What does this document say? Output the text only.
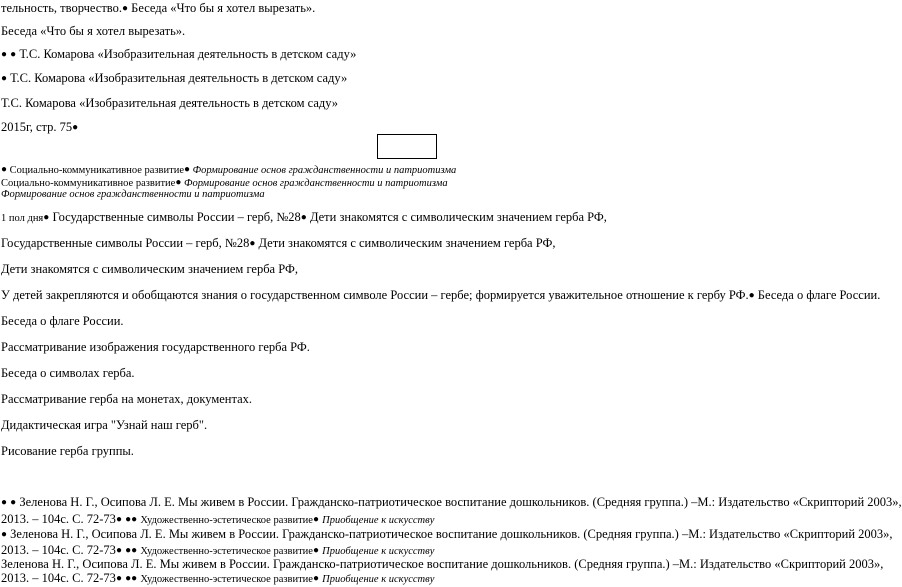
тельность, творчество.● Беседа «Что бы я хотел вырезать».
Беседа «Что бы я хотел вырезать».
● ● Т.С. Комарова «Изобразительная деятельность в детском саду»
● Т.С. Комарова «Изобразительная деятельность в детском саду»
Т.С. Комарова «Изобразительная деятельность в детском саду»
2015г, стр. 75●
● Социально-коммуникативное развитие● Формирование основ гражданственности и патриотизма
Социально-коммуникативное развитие● Формирование основ гражданственности и патриотизма
Формирование основ гражданственности и патриотизма
1 пол дня● Государственные символы России – герб, №28● Дети знакомятся с символическим значением герба РФ,
Государственные символы России – герб, №28● Дети знакомятся с символическим значением герба РФ,
Дети знакомятся с символическим значением герба РФ,
У детей закрепляются и обобщаются знания о государственном символе России – гербе; формируется уважительное отношение к гербу РФ.● Беседа о флаге России.
Беседа о флаге России.
Рассматривание изображения государственного герба РФ.
Беседа о символах герба.
Рассматривание герба на монетах, документах.
Дидактическая игра "Узнай наш герб".
Рисование герба группы.
● ● Зеленова Н. Г., Осипова Л. Е. Мы живем в России. Гражданско-патриотическое воспитание дошкольников. (Средняя группа.) –М.: Издательство «Скрипторий 2003»,
2013. – 104с. С. 72-73● ●● Художественно-эстетическое развитие● Приобщение к искусству
● Зеленова Н. Г., Осипова Л. Е. Мы живем в России. Гражданско-патриотическое воспитание дошкольников. (Средняя группа.) –М.: Издательство «Скрипторий 2003»,
2013. – 104с. С. 72-73● ●● Художественно-эстетическое развитие● Приобщение к искусству
Зеленова Н. Г., Осипова Л. Е. Мы живем в России. Гражданско-патриотическое воспитание дошкольников. (Средняя группа.) –М.: Издательство «Скрипторий 2003»,
2013. – 104с. С. 72-73● ●● Художественно-эстетическое развитие● Приобщение к искусству
